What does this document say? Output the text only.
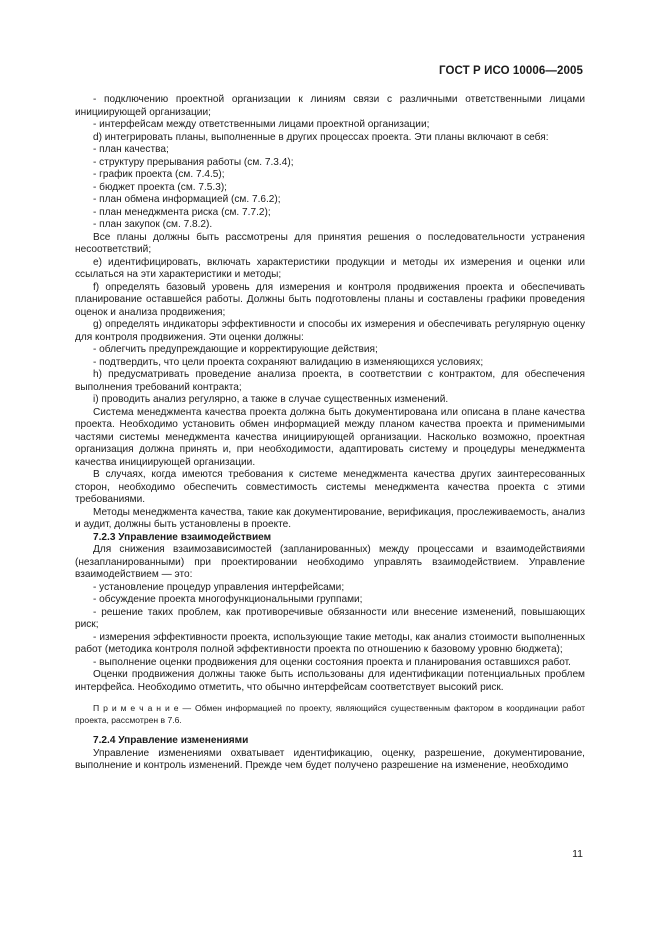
ГОСТ Р ИСО 10006—2005

- подключению проектной организации к линиям связи с различными ответственными лицами инициирующей организации;

- интерфейсам между ответственными лицами проектной организации;

d) интегрировать планы, выполненные в других процессах проекта. Эти планы включают в себя:

- план качества;

- структуру прерывания работы (см. 7.3.4);

- график проекта (см. 7.4.5);

- бюджет проекта (см. 7.5.3);

- план обмена информацией (см. 7.6.2);

- план менеджмента риска (см. 7.7.2);

- план закупок (см. 7.8.2).

Все планы должны быть рассмотрены для принятия решения о последовательности устранения несоответствий;

e) идентифицировать, включать характеристики продукции и методы их измерения и оценки или ссылаться на эти характеристики и методы;

f) определять базовый уровень для измерения и контроля продвижения проекта и обеспечивать планирование оставшейся работы. Должны быть подготовлены планы и составлены графики проведения оценок и анализа продвижения;

g) определять индикаторы эффективности и способы их измерения и обеспечивать регулярную оценку для контроля продвижения. Эти оценки должны:

- облегчить предупреждающие и корректирующие действия;

- подтвердить, что цели проекта сохраняют валидацию в изменяющихся условиях;

h) предусматривать проведение анализа проекта, в соответствии с контрактом, для обеспечения выполнения требований контракта;

i) проводить анализ регулярно, а также в случае существенных изменений.

Система менеджмента качества проекта должна быть документирована или описана в плане качества проекта. Необходимо установить обмен информацией между планом качества проекта и применимыми частями системы менеджмента качества инициирующей организации. Насколько возможно, проектная организация должна принять и, при необходимости, адаптировать систему и процедуры менеджмента качества инициирующей организации.

В случаях, когда имеются требования к системе менеджмента качества других заинтересованных сторон, необходимо обеспечить совместимость системы менеджмента качества проекта с этими требованиями.

Методы менеджмента качества, такие как документирование, верификация, прослеживаемость, анализ и аудит, должны быть установлены в проекте.

7.2.3 Управление взаимодействием

Для снижения взаимозависимостей (запланированных) между процессами и взаимодействиями (незапланированными) при проектировании необходимо управлять взаимодействием. Управление взаимодействием — это:

- установление процедур управления интерфейсами;

- обсуждение проекта многофункциональными группами;

- решение таких проблем, как противоречивые обязанности или внесение изменений, повышающих риск;

- измерения эффективности проекта, использующие такие методы, как анализ стоимости выполненных работ (методика контроля полной эффективности проекта по отношению к базовому уровню бюджета);

- выполнение оценки продвижения для оценки состояния проекта и планирования оставшихся работ.

Оценки продвижения должны также быть использованы для идентификации потенциальных проблем интерфейса. Необходимо отметить, что обычно интерфейсам соответствует высокий риск.

П р и м е ч а н и е — Обмен информацией по проекту, являющийся существенным фактором в координации работ проекта, рассмотрен в 7.6.

7.2.4 Управление изменениями

Управление изменениями охватывает идентификацию, оценку, разрешение, документирование, выполнение и контроль изменений. Прежде чем будет получено разрешение на изменение, необходимо

11
